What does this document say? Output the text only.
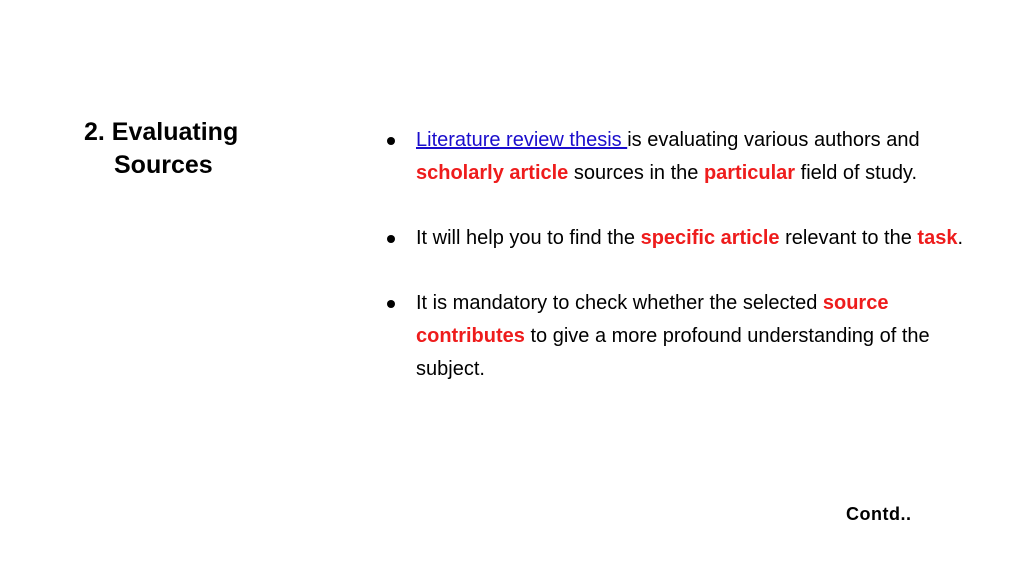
2. Evaluating
Sources
Literature review thesis is evaluating various authors and scholarly article sources in the particular field of study.
It will help you to find the specific article relevant to the task.
It is mandatory to check whether the selected source contributes to give a more profound understanding of the subject.
Contd..
